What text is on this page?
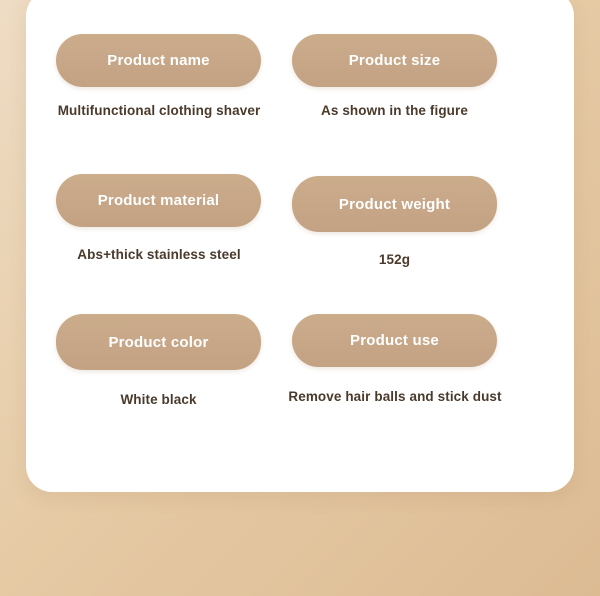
Product name
Multifunctional clothing shaver
Product size
As shown in the figure
Product material
Abs+thick stainless steel
Product weight
152g
Product color
White black
Product use
Remove hair balls and stick dust
